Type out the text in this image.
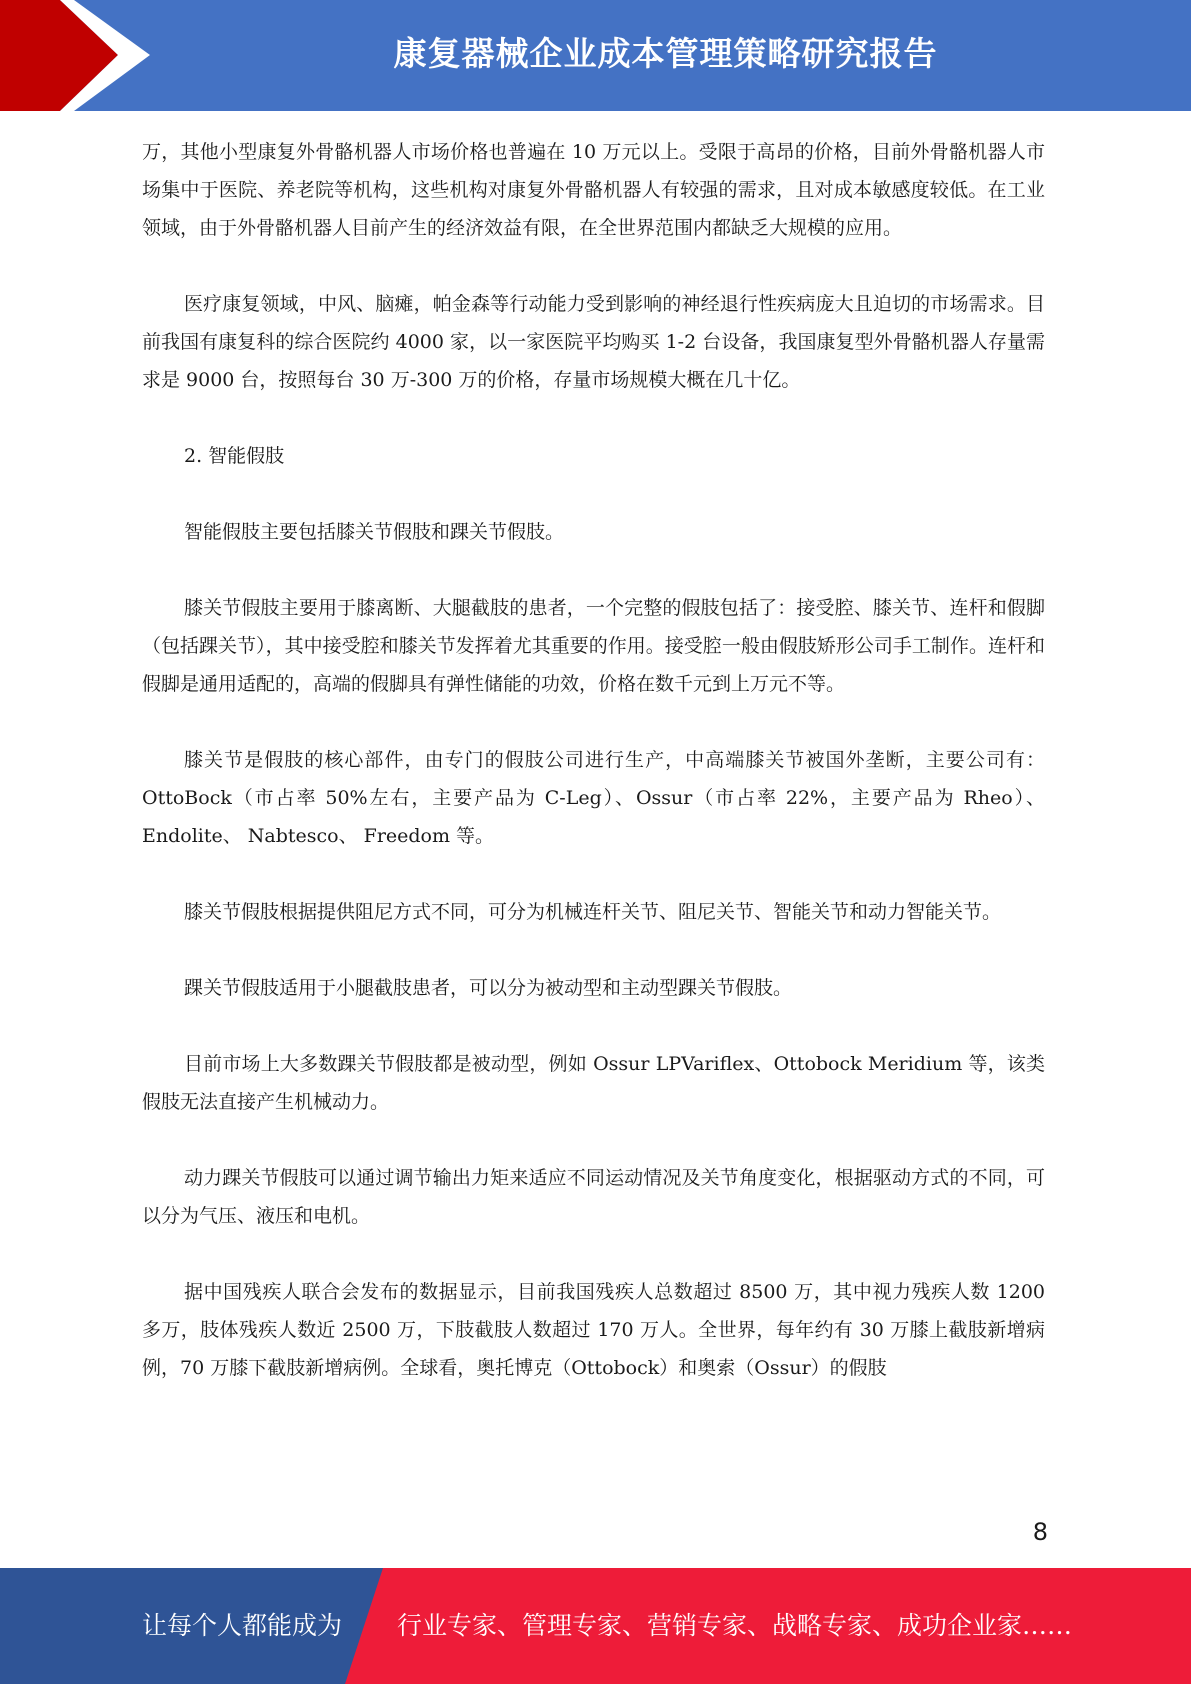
康复器械企业成本管理策略研究报告

万，其他小型康复外骨骼机器人市场价格也普遍在 10 万元以上。受限于高昂的价格，目前外骨骼机器人市场集中于医院、养老院等机构，这些机构对康复外骨骼机器人有较强的需求，且对成本敏感度较低。在工业领域，由于外骨骼机器人目前产生的经济效益有限，在全世界范围内都缺乏大规模的应用。

医疗康复领域，中风、脑瘫，帕金森等行动能力受到影响的神经退行性疾病庞大且迫切的市场需求。目前我国有康复科的综合医院约 4000 家，以一家医院平均购买 1-2 台设备，我国康复型外骨骼机器人存量需求是 9000 台，按照每台 30 万-300 万的价格，存量市场规模大概在几十亿。

2. 智能假肢

智能假肢主要包括膝关节假肢和踝关节假肢。

膝关节假肢主要用于膝离断、大腿截肢的患者，一个完整的假肢包括了：接受腔、膝关节、连杆和假脚（包括踝关节），其中接受腔和膝关节发挥着尤其重要的作用。接受腔一般由假肢矫形公司手工制作。连杆和假脚是通用适配的，高端的假脚具有弹性储能的功效，价格在数千元到上万元不等。

膝关节是假肢的核心部件，由专门的假肢公司进行生产，中高端膝关节被国外垄断，主要公司有：OttoBock（市占率 50%左右，主要产品为 C-Leg）、Ossur（市占率 22%，主要产品为 Rheo）、Endolite、 Nabtesco、 Freedom 等。

膝关节假肢根据提供阻尼方式不同，可分为机械连杆关节、阻尼关节、智能关节和动力智能关节。

踝关节假肢适用于小腿截肢患者，可以分为被动型和主动型踝关节假肢。

目前市场上大多数踝关节假肢都是被动型，例如 Ossur LPVariflex、Ottobock Meridium 等，该类假肢无法直接产生机械动力。

动力踝关节假肢可以通过调节输出力矩来适应不同运动情况及关节角度变化，根据驱动方式的不同，可以分为气压、液压和电机。

据中国残疾人联合会发布的数据显示，目前我国残疾人总数超过 8500 万，其中视力残疾人数 1200 多万，肢体残疾人数近 2500 万，下肢截肢人数超过 170 万人。全世界，每年约有 30 万膝上截肢新增病例，70 万膝下截肢新增病例。全球看，奥托博克（Ottobock）和奥索（Ossur）的假肢

8
让每个人都能成为 行业专家、管理专家、营销专家、战略专家、成功企业家……
